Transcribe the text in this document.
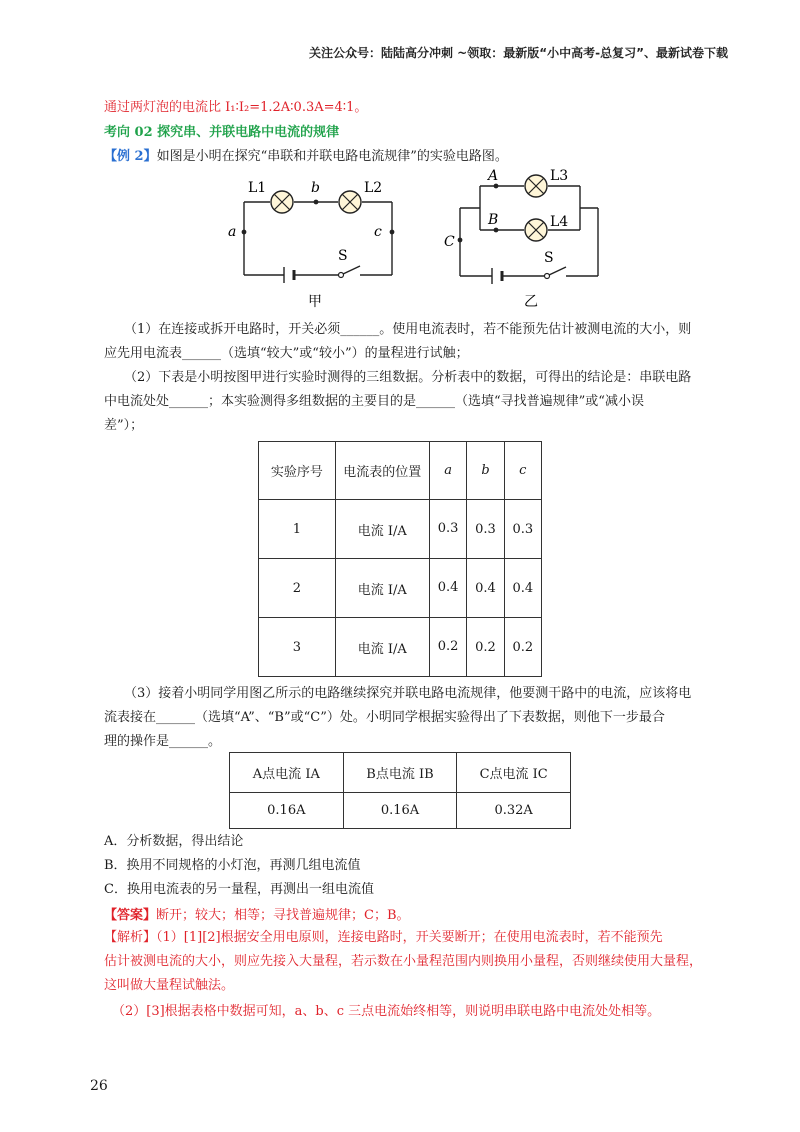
关注公众号：陆陆高分冲刺 ~领取：最新版“小中高考-总复习”、最新试卷下载
通过两灯泡的电流比 I₁∶I₂=1.2A∶0.3A=4∶1。
考向 02 探究串、并联电路中电流的规律
【例 2】如图是小明在探究“串联和并联电路电流规律”的实验电路图。
L1	L2
b
a	c
S
甲
A
B
C
L3
L4
S
乙
（1）在连接或拆开电路时，开关必须______。使用电流表时，若不能预先估计被测电流的大小，则
应先用电流表______（选填“较大”或“较小”）的量程进行试触；
（2）下表是小明按图甲进行实验时测得的三组数据。分析表中的数据，可得出的结论是：串联电路
中电流处处______；本实验测得多组数据的主要目的是______（选填“寻找普遍规律”或“减小误
差”）；
实验序号	电流表的位置	a	b	c
1	电流 I/A	0.3	0.3	0.3
2	电流 I/A	0.4	0.4	0.4
3	电流 I/A	0.2	0.2	0.2
（3）接着小明同学用图乙所示的电路继续探究并联电路电流规律，他要测干路中的电流，应该将电
流表接在______（选填“A”、“B”或“C”）处。小明同学根据实验得出了下表数据，则他下一步最合
理的操作是______。
A点电流 IA	B点电流 IB	C点电流 IC
0.16A	0.16A	0.32A
A．分析数据，得出结论
B．换用不同规格的小灯泡，再测几组电流值
C．换用电流表的另一量程，再测出一组电流值
【答案】断开；较大；相等；寻找普遍规律；C；B。
【解析】（1）[1][2]根据安全用电原则，连接电路时，开关要断开；在使用电流表时，若不能预先
估计被测电流的大小，则应先接入大量程，若示数在小量程范围内则换用小量程，否则继续使用大量程，
这叫做大量程试触法。
（2）[3]根据表格中数据可知，a、b、c 三点电流始终相等，则说明串联电路中电流处处相等。
26
